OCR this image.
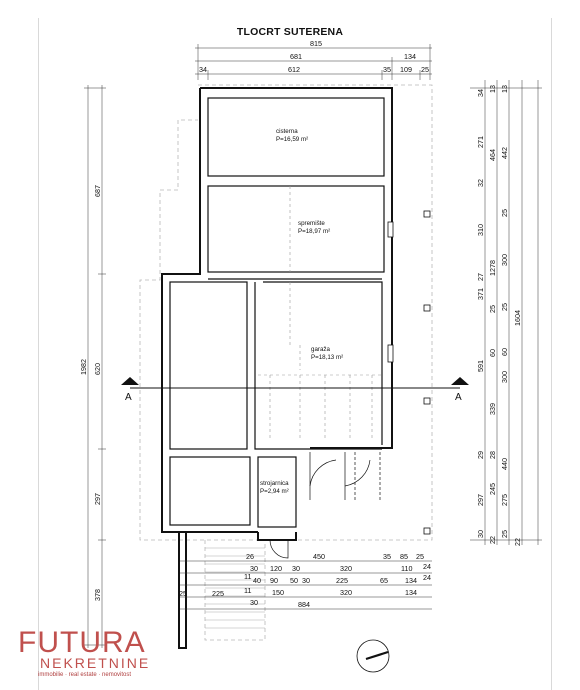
TLOCRT SUTERENA
A	A
cisterna
P=16,59 m²
spremište
P=18,97 m²
garaža
P=18,13 m²
strojarnica
P=2,94 m²
815
681	134
34	612	35 109 25
26	450	35 85 25
30 120 30	320	110 24
11 40 90 50 30	225	65 134 24
11	150	320	134
25	225
30	884
1982
687
620
297
378
34
271
32
310
27
371
591
29
297
30
13
464
1278
25
60
339
28
245
22
13
442
25
300
25
60
300
440
275
25
22
1604
FUTURA
NEKRETNINE
immobilie · real estate · nemovitost
